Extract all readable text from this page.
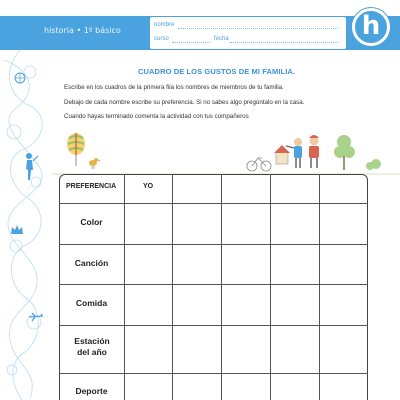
historia • 1º básico
nombre
curso	fecha	h
CUADRO DE LOS GUSTOS DE MI FAMILIA.
Escribe en los cuadros de la primera fila los nombres de miembros de tu familia.
Debajo de cada nombre escribe su preferencia. Si no sabes algo pregúntalo en la casa.
Cuando hayas terminado comenta la actividad con tus compañeros
PREFERENCIA	YO
Color
Canción
Comida
Estación del año
Deporte
